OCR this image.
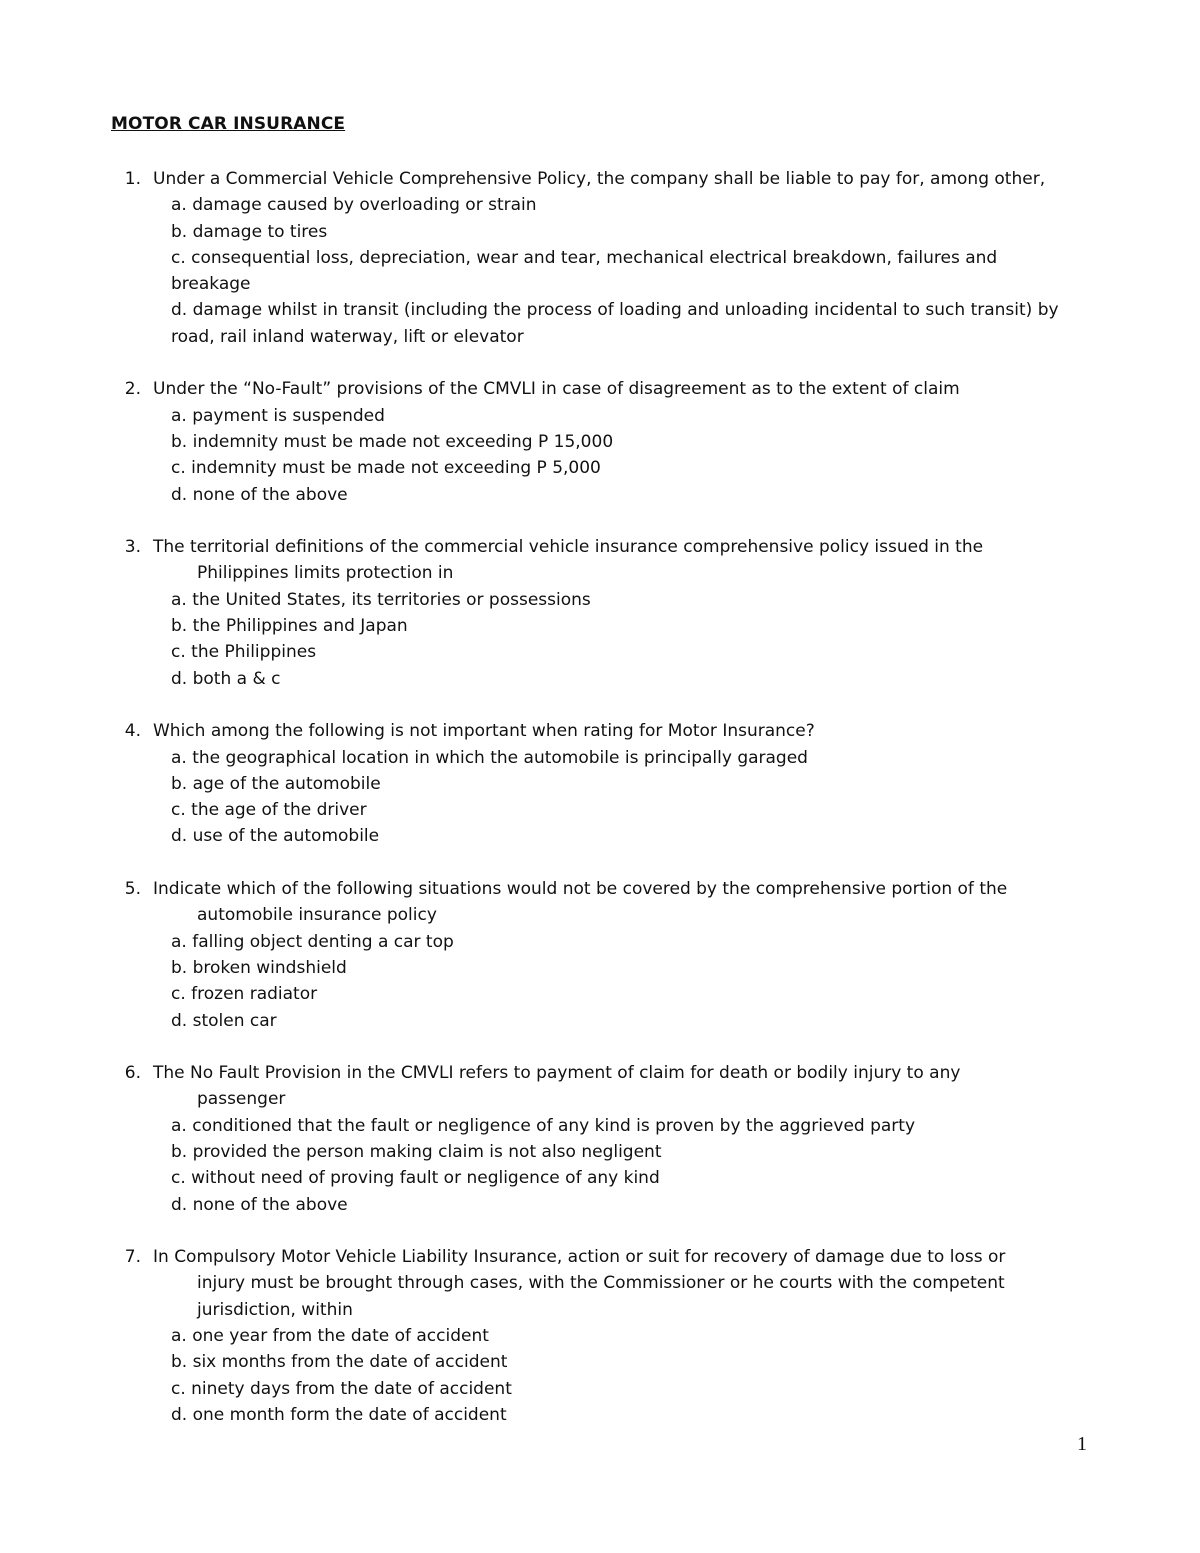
MOTOR CAR INSURANCE
1. Under a Commercial Vehicle Comprehensive Policy, the company shall be liable to pay for, among other,
a. damage caused by overloading or strain
b. damage to tires
c. consequential loss, depreciation, wear and tear, mechanical electrical breakdown, failures and
breakage
d. damage whilst in transit (including the process of loading and unloading incidental to such transit) by
road, rail inland waterway, lift or elevator
2. Under the “No-Fault” provisions of the CMVLI in case of disagreement as to the extent of claim
a. payment is suspended
b. indemnity must be made not exceeding P 15,000
c. indemnity must be made not exceeding P 5,000
d. none of the above
3. The territorial definitions of the commercial vehicle insurance comprehensive policy issued in the
Philippines limits protection in
a. the United States, its territories or possessions
b. the Philippines and Japan
c. the Philippines
d. both a & c
4. Which among the following is not important when rating for Motor Insurance?
a. the geographical location in which the automobile is principally garaged
b. age of the automobile
c. the age of the driver
d. use of the automobile
5. Indicate which of the following situations would not be covered by the comprehensive portion of the
automobile insurance policy
a. falling object denting a car top
b. broken windshield
c. frozen radiator
d. stolen car
6. The No Fault Provision in the CMVLI refers to payment of claim for death or bodily injury to any
passenger
a. conditioned that the fault or negligence of any kind is proven by the aggrieved party
b. provided the person making claim is not also negligent
c. without need of proving fault or negligence of any kind
d. none of the above
7. In Compulsory Motor Vehicle Liability Insurance, action or suit for recovery of damage due to loss or
injury must be brought through cases, with the Commissioner or he courts with the competent
jurisdiction, within
a. one year from the date of accident
b. six months from the date of accident
c. ninety days from the date of accident
d. one month form the date of accident
1
